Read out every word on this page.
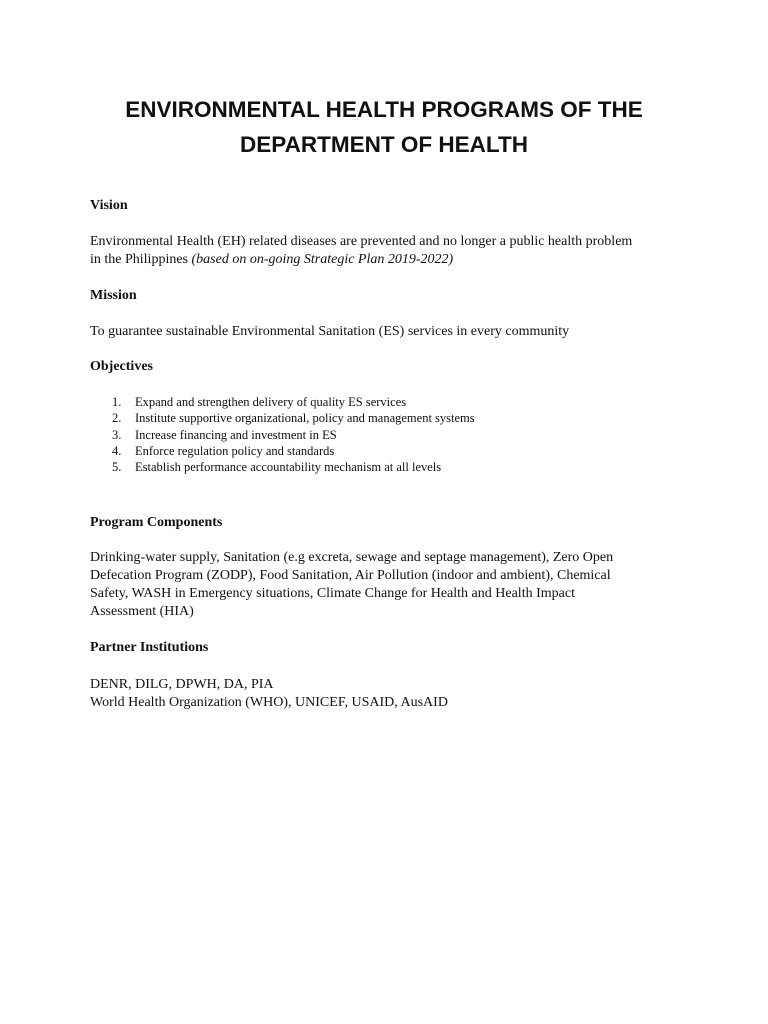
ENVIRONMENTAL HEALTH PROGRAMS OF THE
DEPARTMENT OF HEALTH
Vision
Environmental Health (EH) related diseases are prevented and no longer a public health problem
in the Philippines (based on on-going Strategic Plan 2019-2022)
Mission
To guarantee sustainable Environmental Sanitation (ES) services in every community
Objectives
1.	Expand and strengthen delivery of quality ES services
2.	Institute supportive organizational, policy and management systems
3.	Increase financing and investment in ES
4.	Enforce regulation policy and standards
5.	Establish performance accountability mechanism at all levels
Program Components
Drinking-water supply, Sanitation (e.g excreta, sewage and septage management), Zero Open
Defecation Program (ZODP), Food Sanitation, Air Pollution (indoor and ambient), Chemical
Safety, WASH in Emergency situations, Climate Change for Health and Health Impact
Assessment (HIA)
Partner Institutions
DENR, DILG, DPWH, DA, PIA
World Health Organization (WHO), UNICEF, USAID, AusAID
